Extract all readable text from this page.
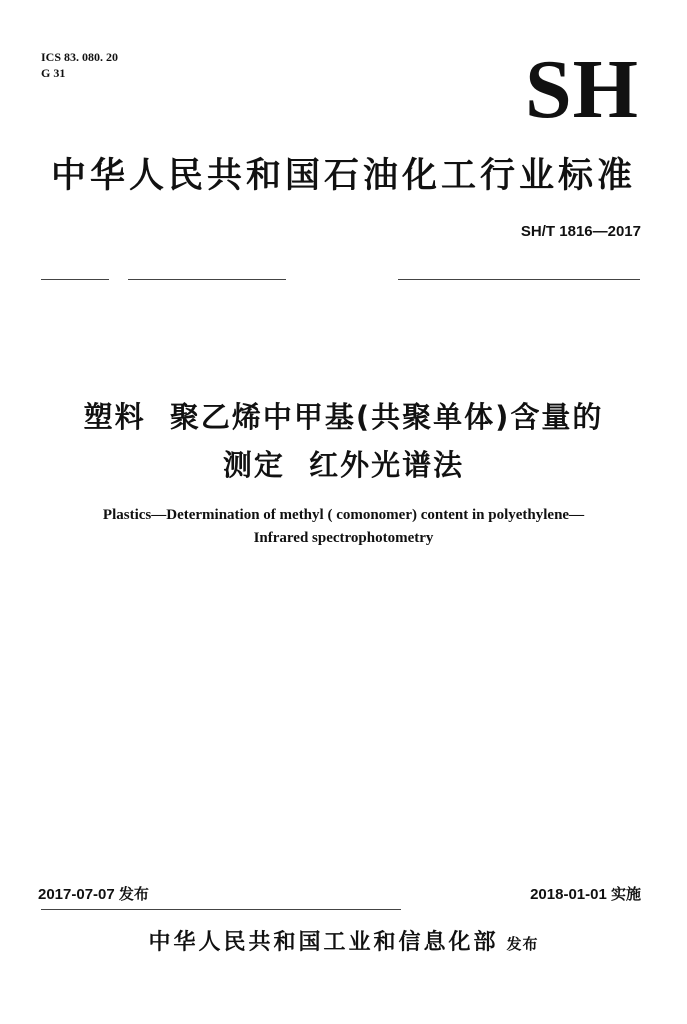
ICS 83. 080. 20
G 31	SH
中华人民共和国石油化工行业标准
SH/T 1816—2017
塑料  聚乙烯中甲基(共聚单体)含量的
测定  红外光谱法
Plastics—Determination of methyl ( comonomer) content in polyethylene—
Infrared spectrophotometry
2017-07-07 发布	2018-01-01 实施
中华人民共和国工业和信息化部 发布
